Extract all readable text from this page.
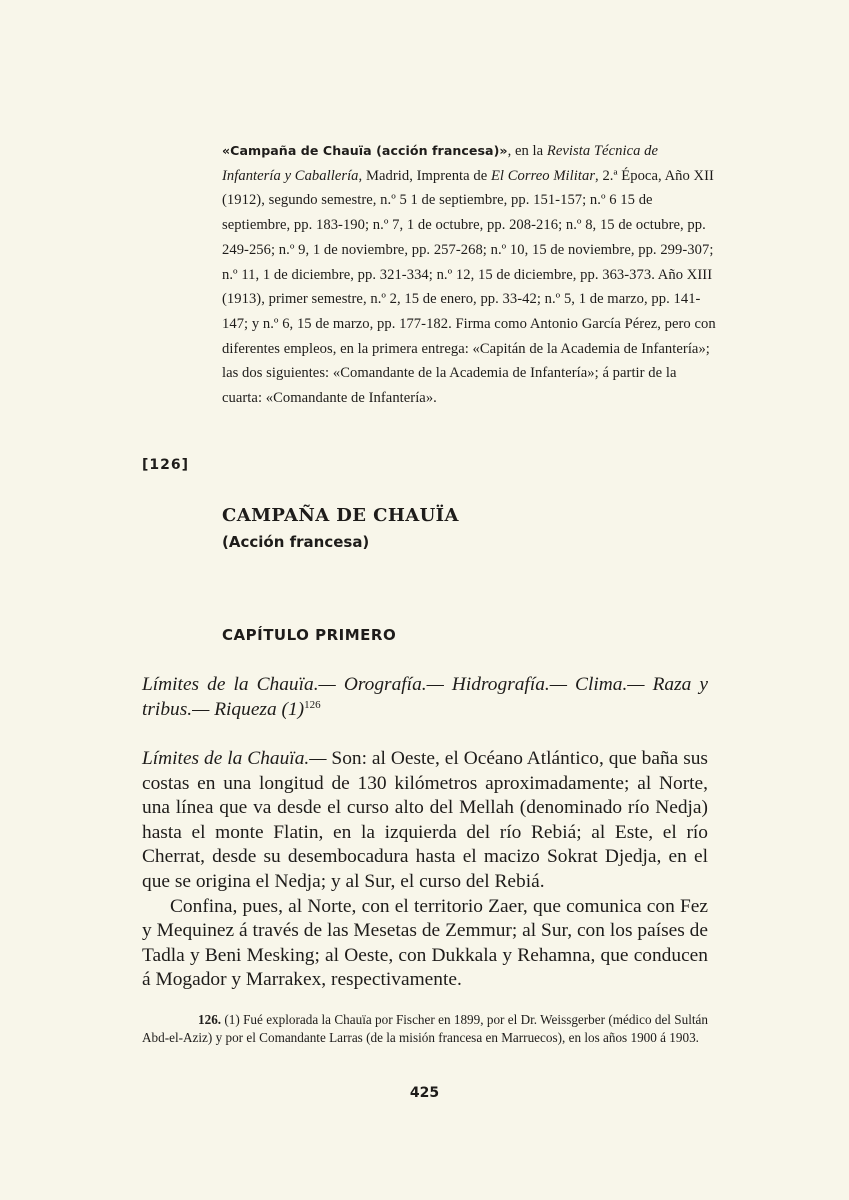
«Campaña de Chauïa (acción francesa)», en la Revista Técnica de Infantería y Caballería, Madrid, Imprenta de El Correo Militar, 2.ª Época, Año XII (1912), segundo semestre, n.º 5 1 de septiembre, pp. 151-157; n.º 6 15 de septiembre, pp. 183-190; n.º 7, 1 de octubre, pp. 208-216; n.º 8, 15 de octubre, pp. 249-256; n.º 9, 1 de noviembre, pp. 257-268; n.º 10, 15 de noviembre, pp. 299-307; n.º 11, 1 de diciembre, pp. 321-334; n.º 12, 15 de diciembre, pp. 363-373. Año XIII (1913), primer semestre, n.º 2, 15 de enero, pp. 33-42; n.º 5, 1 de marzo, pp. 141-147; y n.º 6, 15 de marzo, pp. 177-182. Firma como Antonio García Pérez, pero con diferentes empleos, en la primera entrega: «Capitán de la Academia de Infantería»; las dos siguientes: «Comandante de la Academia de Infantería»; á partir de la cuarta: «Comandante de Infantería».
[126]
CAMPAÑA DE CHAUÏA
(Acción francesa)
CAPÍTULO PRIMERO
Límites de la Chauïa.— Orografía.— Hidrografía.— Clima.— Raza y tribus.— Riqueza $(1)^{126}$

Límites de la Chauïa.— Son: al Oeste, el Océano Atlántico, que baña sus costas en una longitud de 130 kilómetros aproximadamente; al Norte, una línea que va desde el curso alto del Mellah (denominado río Nedja) hasta el monte Flatin, en la izquierda del río Rebiá; al Este, el río Cherrat, desde su desembocadura hasta el macizo Sokrat Djedja, en el que se origina el Nedja; y al Sur, el curso del Rebiá.

Confina, pues, al Norte, con el territorio Zaer, que comunica con Fez y Mequinez á través de las Mesetas de Zemmur; al Sur, con los países de Tadla y Beni Mesking; al Oeste, con Dukkala y Rehamna, que conducen á Mogador y Marrakex, respectivamente.

126. (1) Fué explorada la Chauïa por Fischer en 1899, por el Dr. Weissgerber (médico del Sultán Abd-el-Aziz) y por el Comandante Larras (de la misión francesa en Marruecos), en los años 1900 á 1903.
425
